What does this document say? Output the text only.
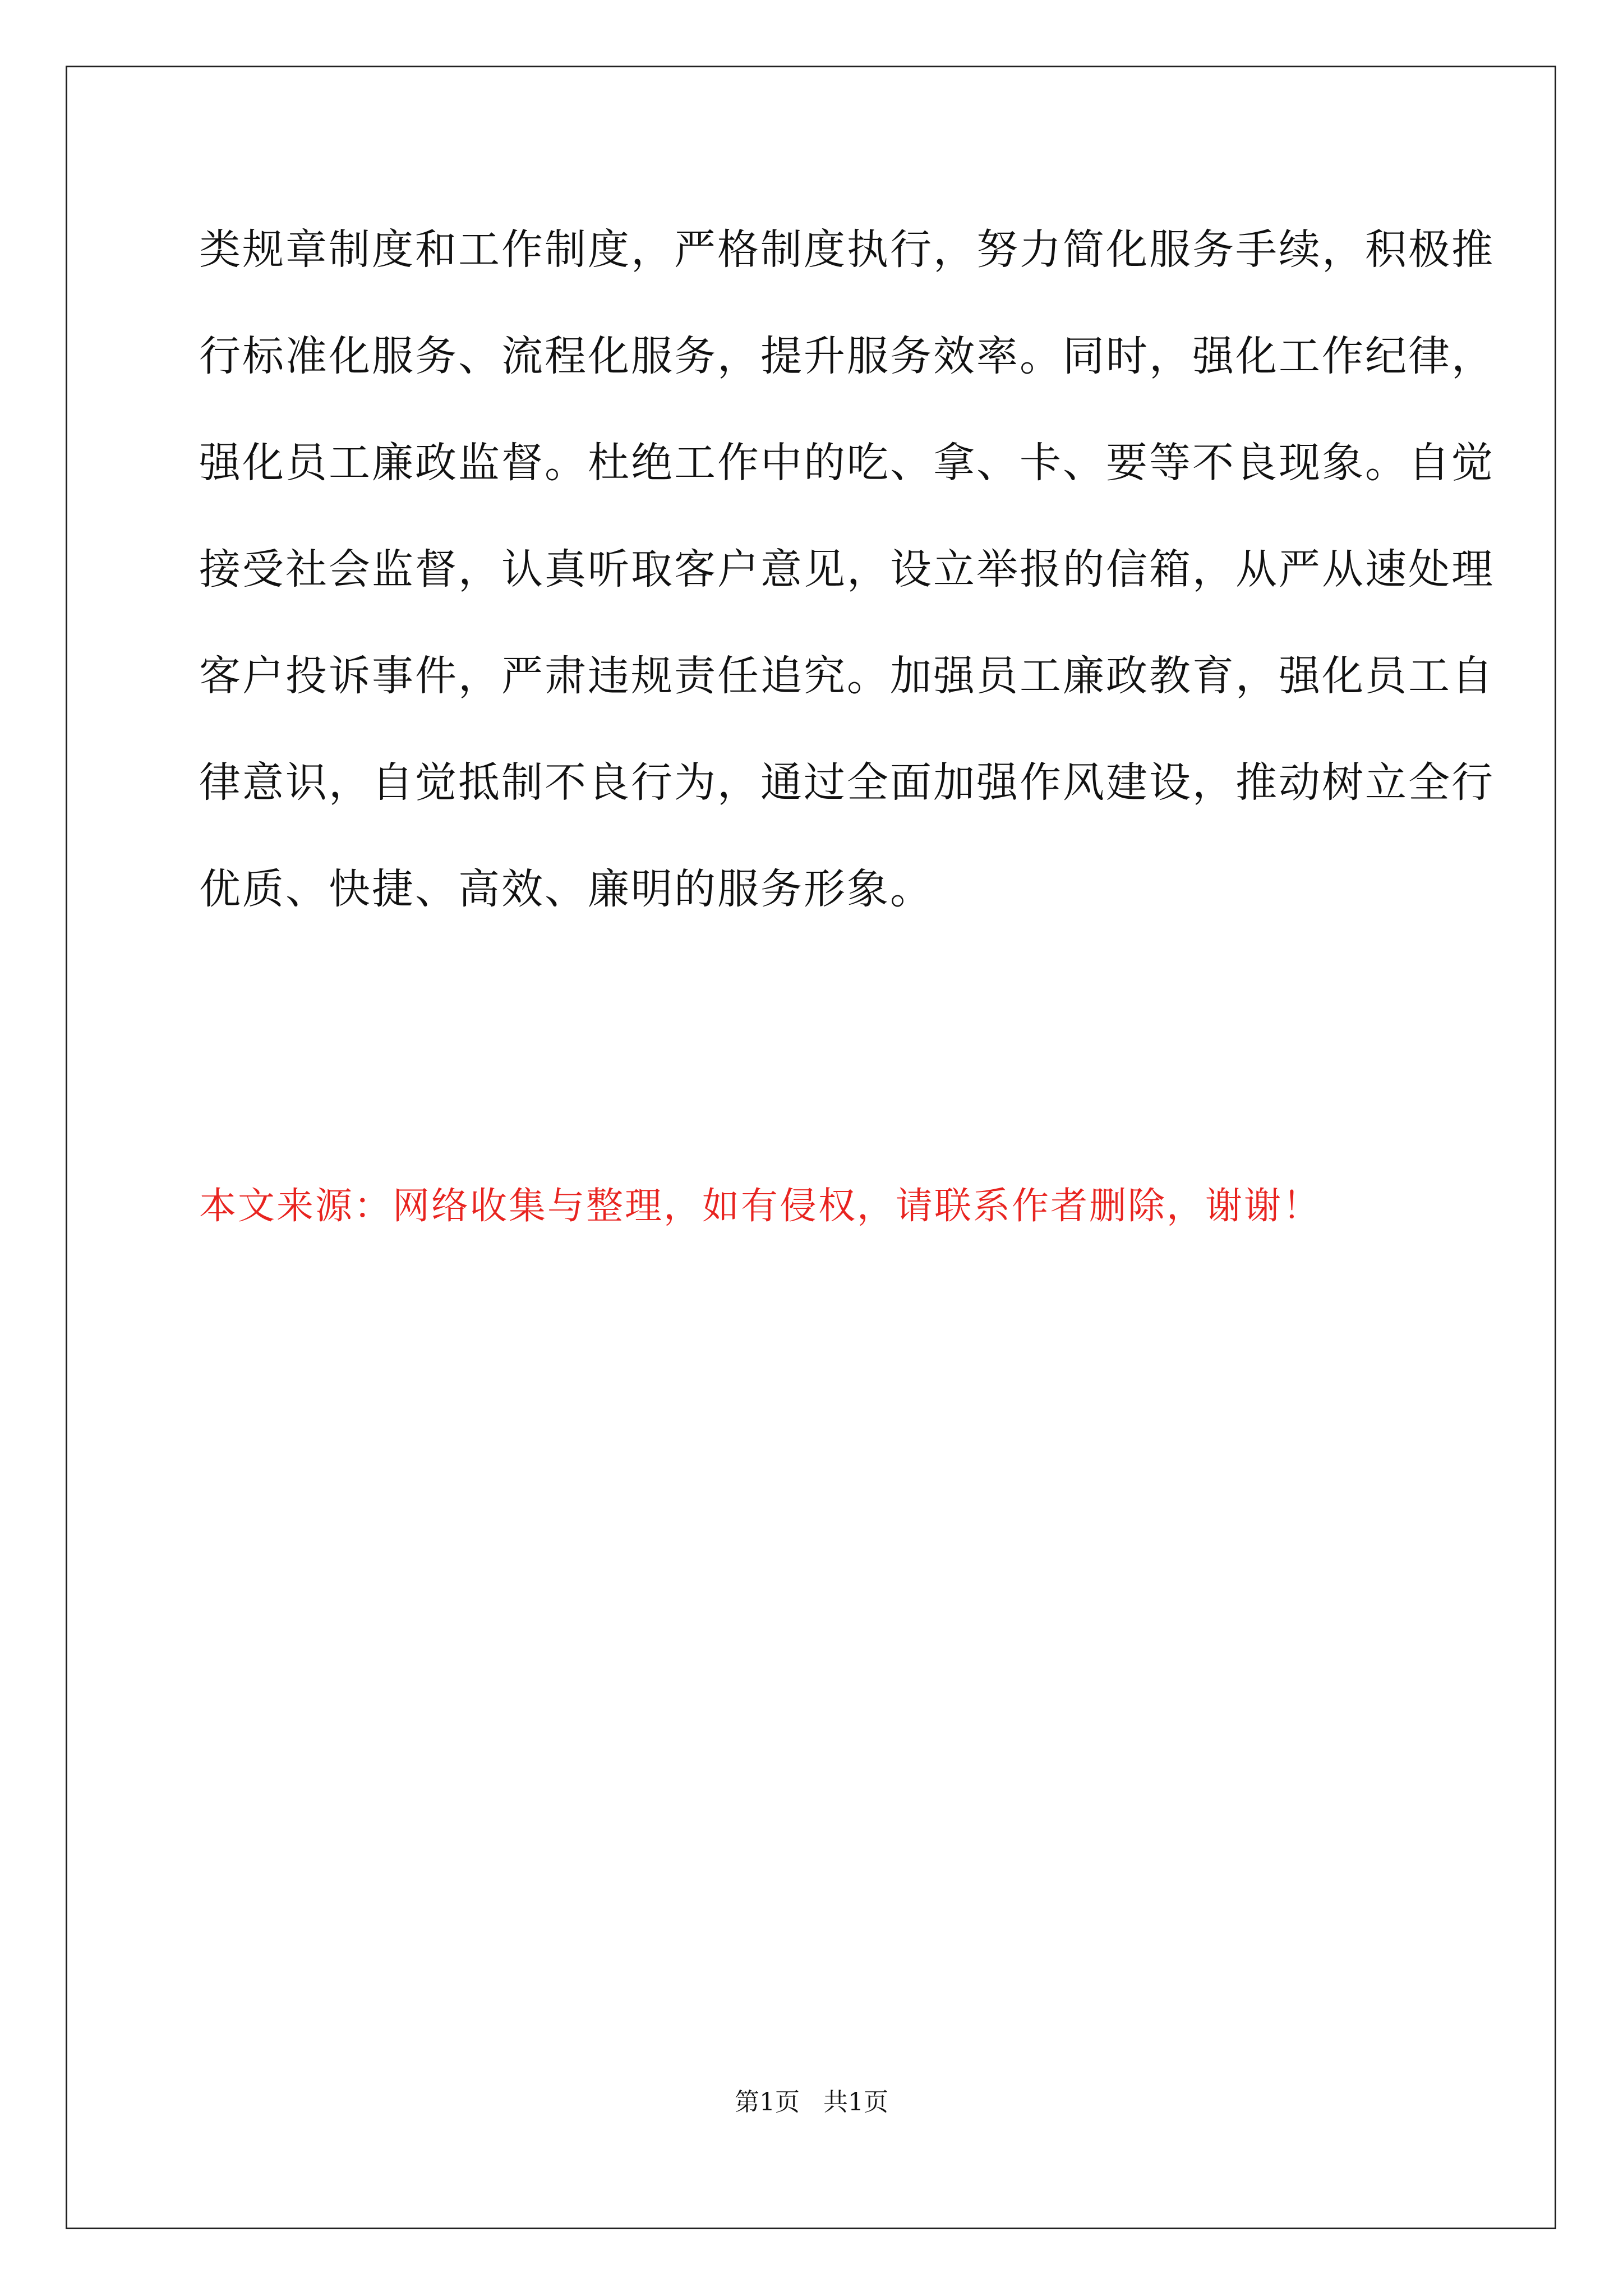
类规章制度和工作制度，严格制度执行，努力简化服务手续，积极推
行标准化服务、流程化服务，提升服务效率。同时，强化工作纪律，
强化员工廉政监督。杜绝工作中的吃、拿、卡、要等不良现象。自觉
接受社会监督，认真听取客户意见，设立举报的信箱，从严从速处理
客户投诉事件，严肃违规责任追究。加强员工廉政教育，强化员工自
律意识，自觉抵制不良行为，通过全面加强作风建设，推动树立全行
优质、快捷、高效、廉明的服务形象。
本文来源：网络收集与整理，如有侵权，请联系作者删除，谢谢！
第1页 共1页
